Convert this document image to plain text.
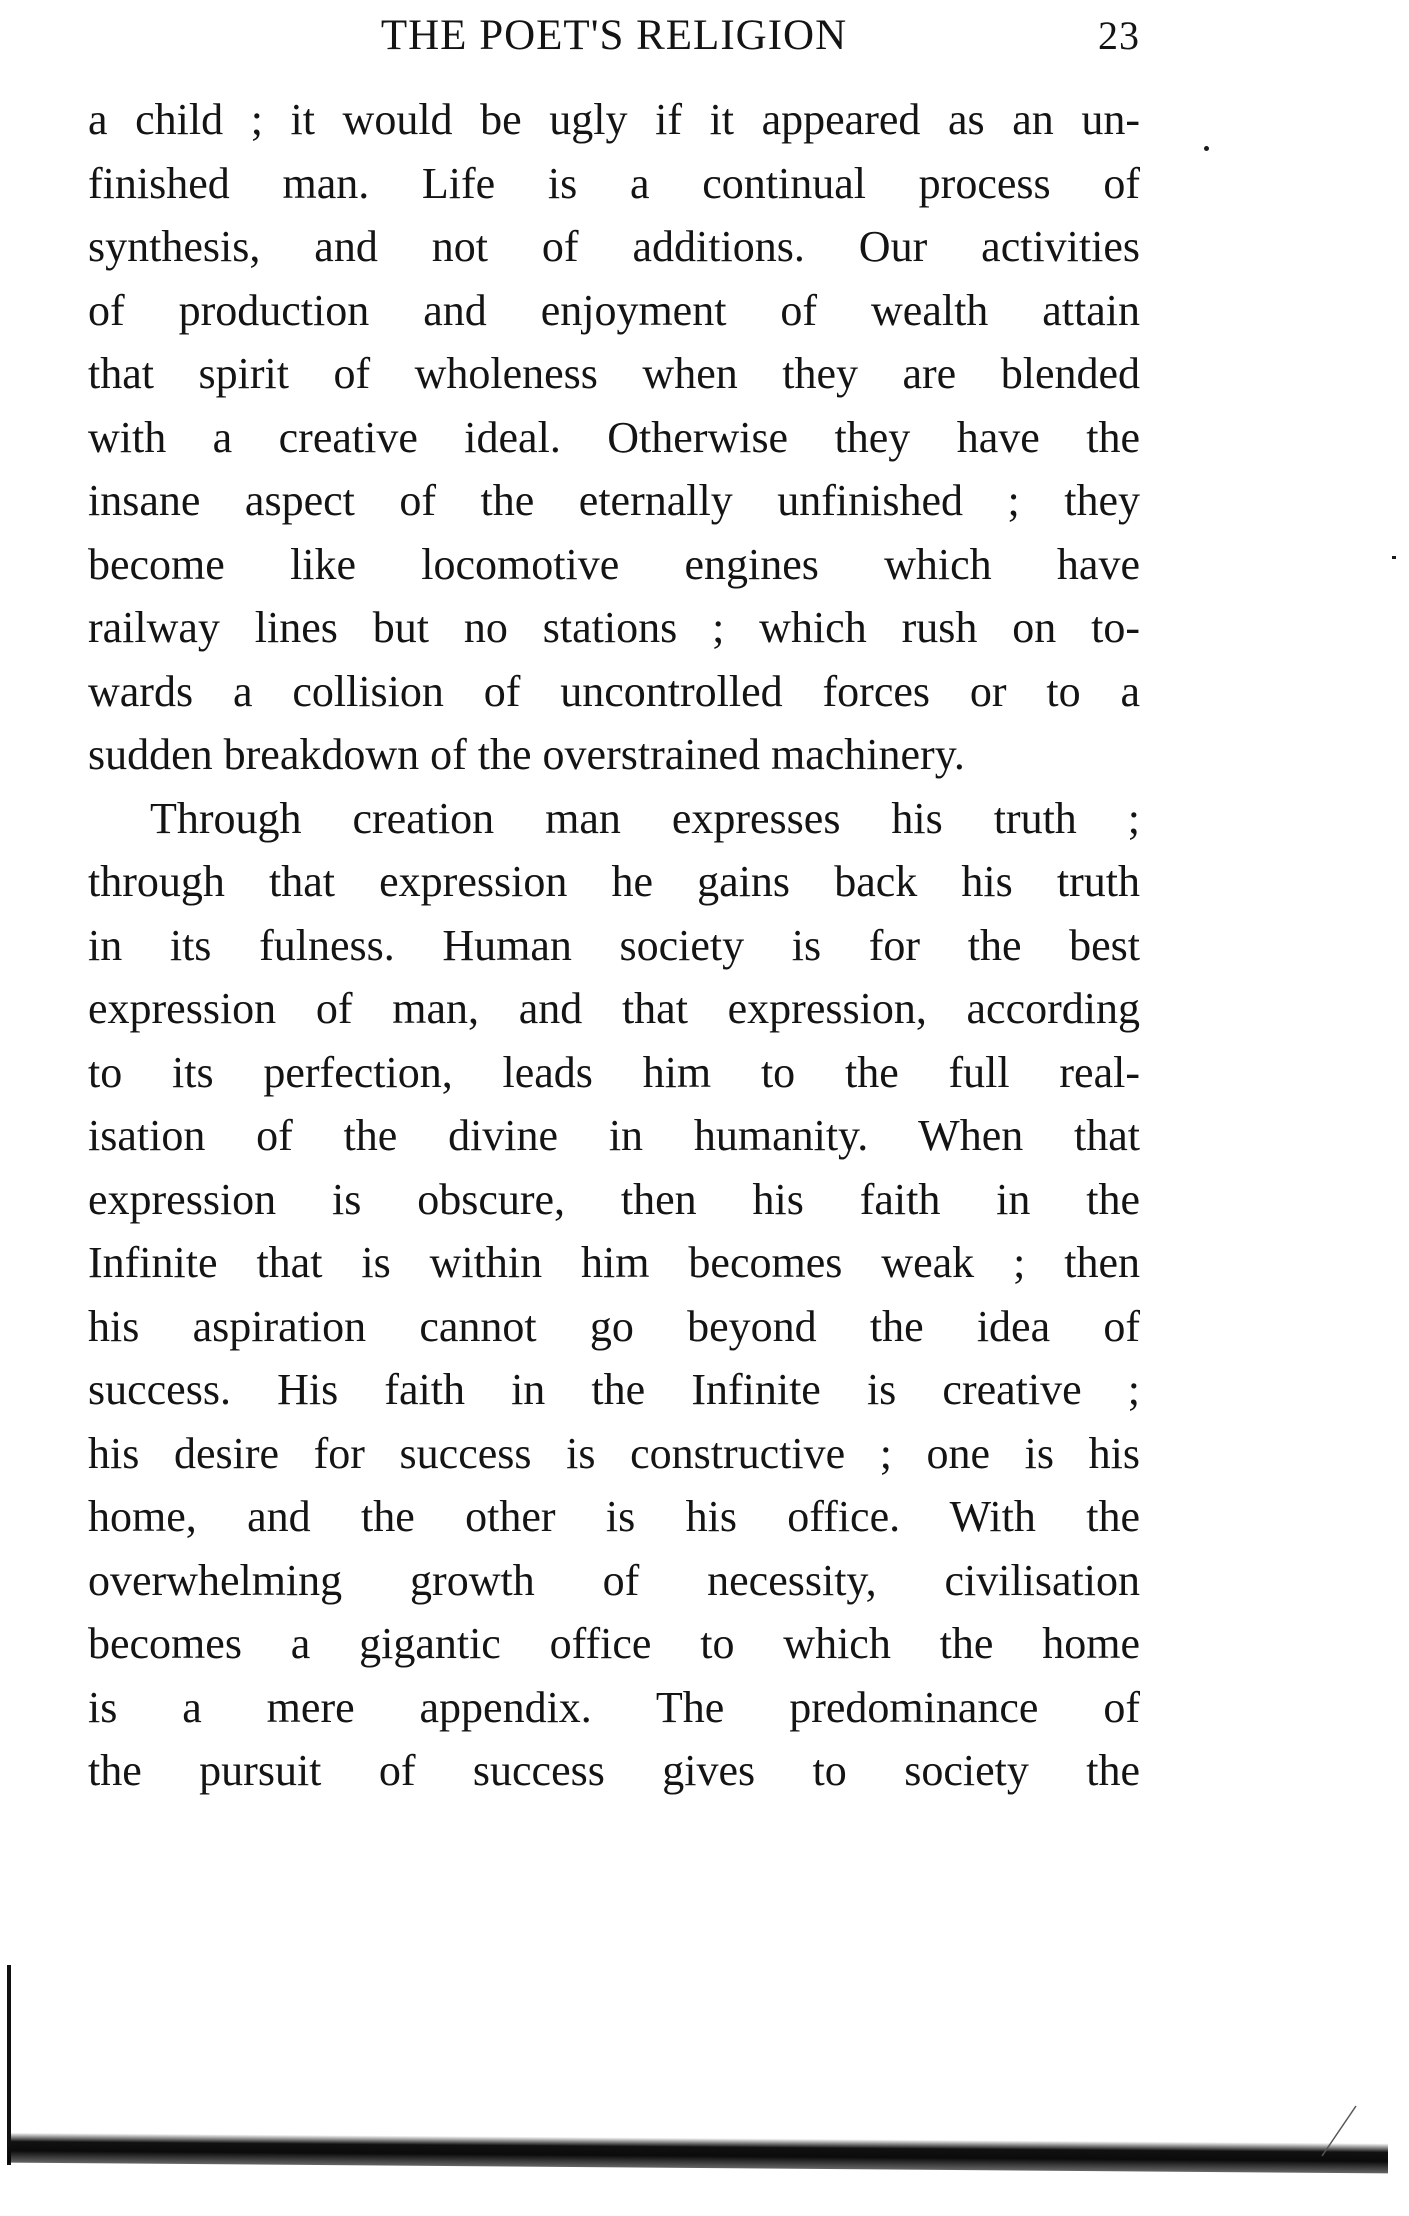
THE POET'S RELIGION	23
a child ; it would be ugly if it appeared as an un-
finished man. Life is a continual process of
synthesis, and not of additions. Our activities
of production and enjoyment of wealth attain
that spirit of wholeness when they are blended
with a creative ideal. Otherwise they have the
insane aspect of the eternally unfinished ; they
become like locomotive engines which have
railway lines but no stations ; which rush on to-
wards a collision of uncontrolled forces or to a
sudden breakdown of the overstrained machinery.
Through creation man expresses his truth ;
through that expression he gains back his truth
in its fulness. Human society is for the best
expression of man, and that expression, according
to its perfection, leads him to the full real-
isation of the divine in humanity. When that
expression is obscure, then his faith in the
Infinite that is within him becomes weak ; then
his aspiration cannot go beyond the idea of
success. His faith in the Infinite is creative ;
his desire for success is constructive ; one is his
home, and the other is his office. With the
overwhelming growth of necessity, civilisation
becomes a gigantic office to which the home
is a mere appendix. The predominance of
the pursuit of success gives to society the
